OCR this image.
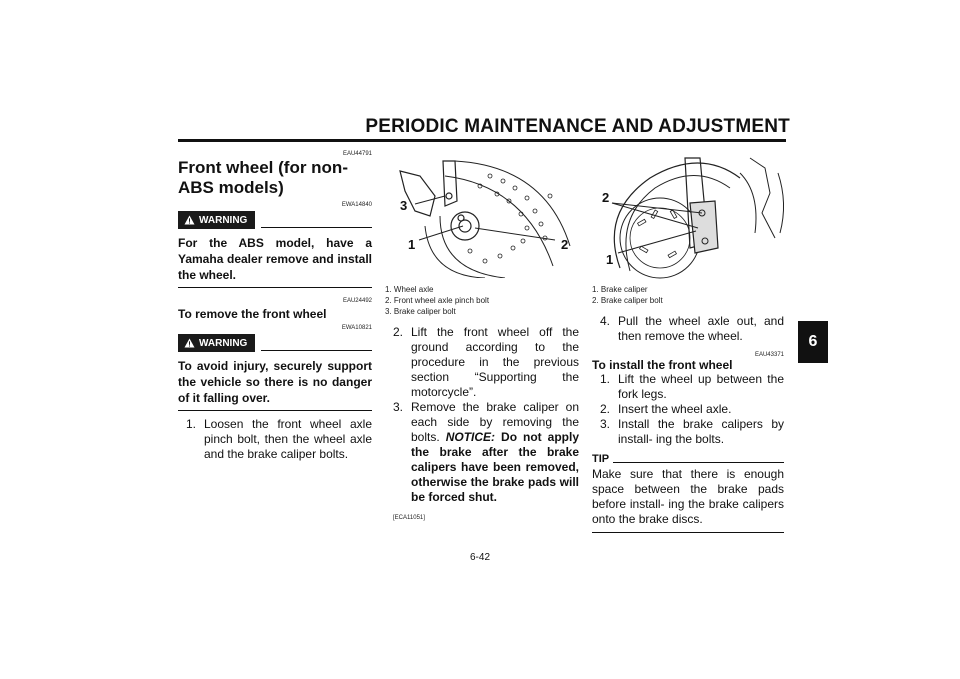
PERIODIC MAINTENANCE AND ADJUSTMENT
6
EAU44791
Front wheel (for non-ABS models)
EWA14840
WARNING
For the ABS model, have a Yamaha dealer remove and install the wheel.
EAU24492
To remove the front wheel
EWA10821
WARNING
To avoid injury, securely support the vehicle so there is no danger of it falling over.
1. Loosen the front wheel axle pinch bolt, then the wheel axle and the brake caliper bolts.
3
1	2
1. Wheel axle
2. Front wheel axle pinch bolt
3. Brake caliper bolt
2. Lift the front wheel off the ground according to the procedure in the previous section “Supporting the motorcycle”.
3. Remove the brake caliper on each side by removing the bolts. NOTICE: Do not apply the brake after the brake calipers have been removed, otherwise the brake pads will be forced shut.
[ECA11051]
2
1
1. Brake caliper
2. Brake caliper bolt
4. Pull the wheel axle out, and then remove the wheel.
EAU43371
To install the front wheel
1. Lift the wheel up between the fork legs.
2. Insert the wheel axle.
3. Install the brake calipers by install- ing the bolts.
TIP
Make sure that there is enough space between the brake pads before install- ing the brake calipers onto the brake discs.
6-42
